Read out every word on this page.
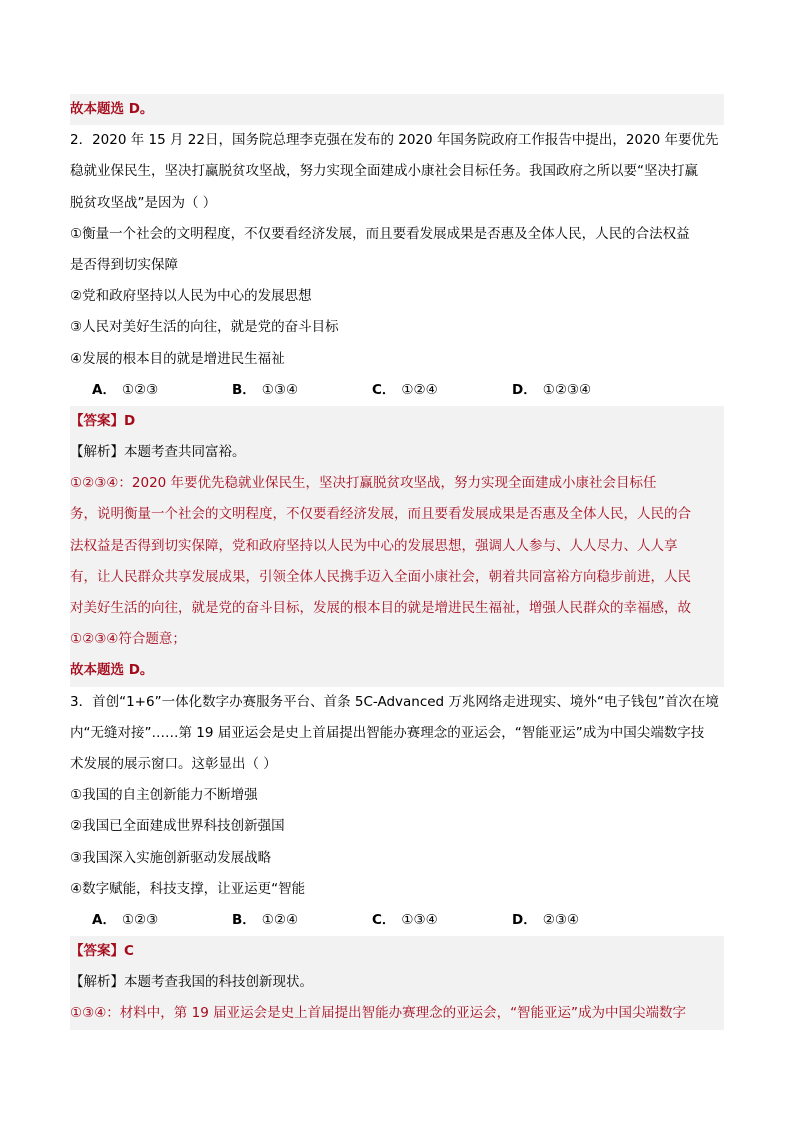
故本题选 D。
2．2020 年 15 月 22日，国务院总理李克强在发布的 2020 年国务院政府工作报告中提出，2020 年要优先
稳就业保民生，坚决打赢脱贫攻坚战，努力实现全面建成小康社会目标任务。我国政府之所以要“坚决打赢
脱贫攻坚战”是因为（ ）
①衡量一个社会的文明程度，不仅要看经济发展，而且要看发展成果是否惠及全体人民，人民的合法权益
是否得到切实保障
②党和政府坚持以人民为中心的发展思想
③人民对美好生活的向往，就是党的奋斗目标
④发展的根本目的就是增进民生福祉
A． ①②③	B． ①③④	C． ①②④	D． ①②③④
【答案】D
【解析】本题考查共同富裕。
①②③④：2020 年要优先稳就业保民生，坚决打赢脱贫攻坚战，努力实现全面建成小康社会目标任
务，说明衡量一个社会的文明程度，不仅要看经济发展，而且要看发展成果是否惠及全体人民，人民的合
法权益是否得到切实保障，党和政府坚持以人民为中心的发展思想，强调人人参与、人人尽力、人人享
有，让人民群众共享发展成果，引领全体人民携手迈入全面小康社会，朝着共同富裕方向稳步前进，人民
对美好生活的向往，就是党的奋斗目标，发展的根本目的就是增进民生福祉，增强人民群众的幸福感，故
①②③④符合题意；
故本题选 D。
3．首创“1+6”一体化数字办赛服务平台、首条 5C-Advanced 万兆网络走进现实、境外“电子钱包”首次在境
内“无缝对接”……第 19 届亚运会是史上首届提出智能办赛理念的亚运会，“智能亚运”成为中国尖端数字技
术发展的展示窗口。这彰显出（ ）
①我国的自主创新能力不断增强
②我国已全面建成世界科技创新强国
③我国深入实施创新驱动发展战略
④数字赋能，科技支撑，让亚运更“智能
A． ①②③	B． ①②④	C． ①③④	D． ②③④
【答案】C
【解析】本题考查我国的科技创新现状。
①③④：材料中，第 19 届亚运会是史上首届提出智能办赛理念的亚运会，“智能亚运”成为中国尖端数字
